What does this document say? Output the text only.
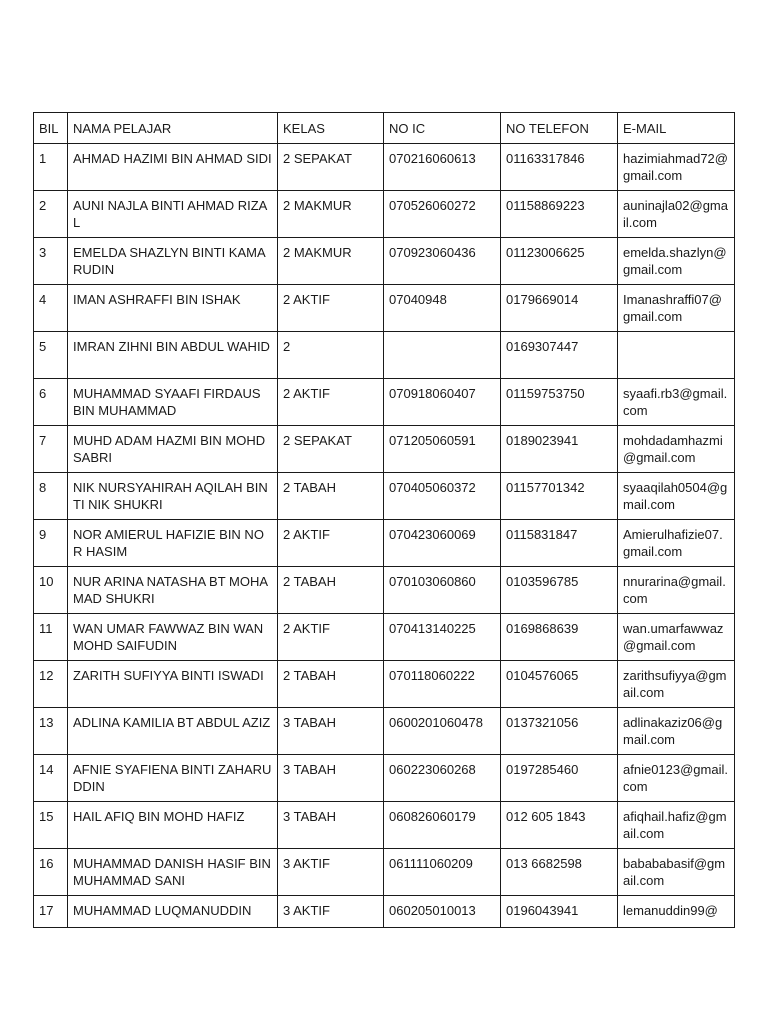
BIL	NAMA PELAJAR	KELAS	NO IC	NO TELEFON	E-MAIL
1	AHMAD HAZIMI BIN AHMAD SIDI	2 SEPAKAT	070216060613	01163317846	hazimiahmad72@gmail.com
2	AUNI NAJLA BINTI AHMAD RIZAL	2 MAKMUR	070526060272	01158869223	auninajla02@gmail.com
3	EMELDA SHAZLYN BINTI KAMARUDIN	2 MAKMUR	070923060436	01123006625	emelda.shazlyn@gmail.com
4	IMAN ASHRAFFI BIN ISHAK	2 AKTIF	07040948	0179669014	Imanashraffi07@gmail.com
5	IMRAN ZIHNI BIN ABDUL WAHID	2		0169307447	
6	MUHAMMAD SYAAFI FIRDAUS BIN MUHAMMAD	2 AKTIF	070918060407	01159753750	syaafi.rb3@gmail.com
7	MUHD ADAM HAZMI BIN MOHD SABRI	2 SEPAKAT	071205060591	0189023941	mohdadamhazmi@gmail.com
8	NIK NURSYAHIRAH AQILAH BINTI NIK SHUKRI	2 TABAH	070405060372	01157701342	syaaqilah0504@gmail.com
9	NOR AMIERUL HAFIZIE BIN NOR HASIM	2 AKTIF	070423060069	0115831847	Amierulhafizie07.gmail.com
10	NUR ARINA NATASHA BT MOHAMAD SHUKRI	2 TABAH	070103060860	0103596785	nnurarina@gmail.com
11	WAN UMAR FAWWAZ BIN WAN MOHD SAIFUDIN	2 AKTIF	070413140225	0169868639	wan.umarfawwaz@gmail.com
12	ZARITH SUFIYYA BINTI ISWADI	2 TABAH	070118060222	0104576065	zarithsufiyya@gmail.com
13	ADLINA KAMILIA BT ABDUL AZIZ	3 TABAH	0600201060478	0137321056	adlinakaziz06@gmail.com
14	AFNIE SYAFIENA BINTI ZAHARUDDIN	3 TABAH	060223060268	0197285460	afnie0123@gmail.com
15	HAIL AFIQ BIN MOHD HAFIZ	3 TABAH	060826060179	012 605 1843	afiqhail.hafiz@gmail.com
16	MUHAMMAD DANISH HASIF BIN MUHAMMAD SANI	3 AKTIF	061111060209	013 6682598	babababasif@gmail.com
17	MUHAMMAD LUQMANUDDIN	3 AKTIF	060205010013	0196043941	lemanuddin99@
